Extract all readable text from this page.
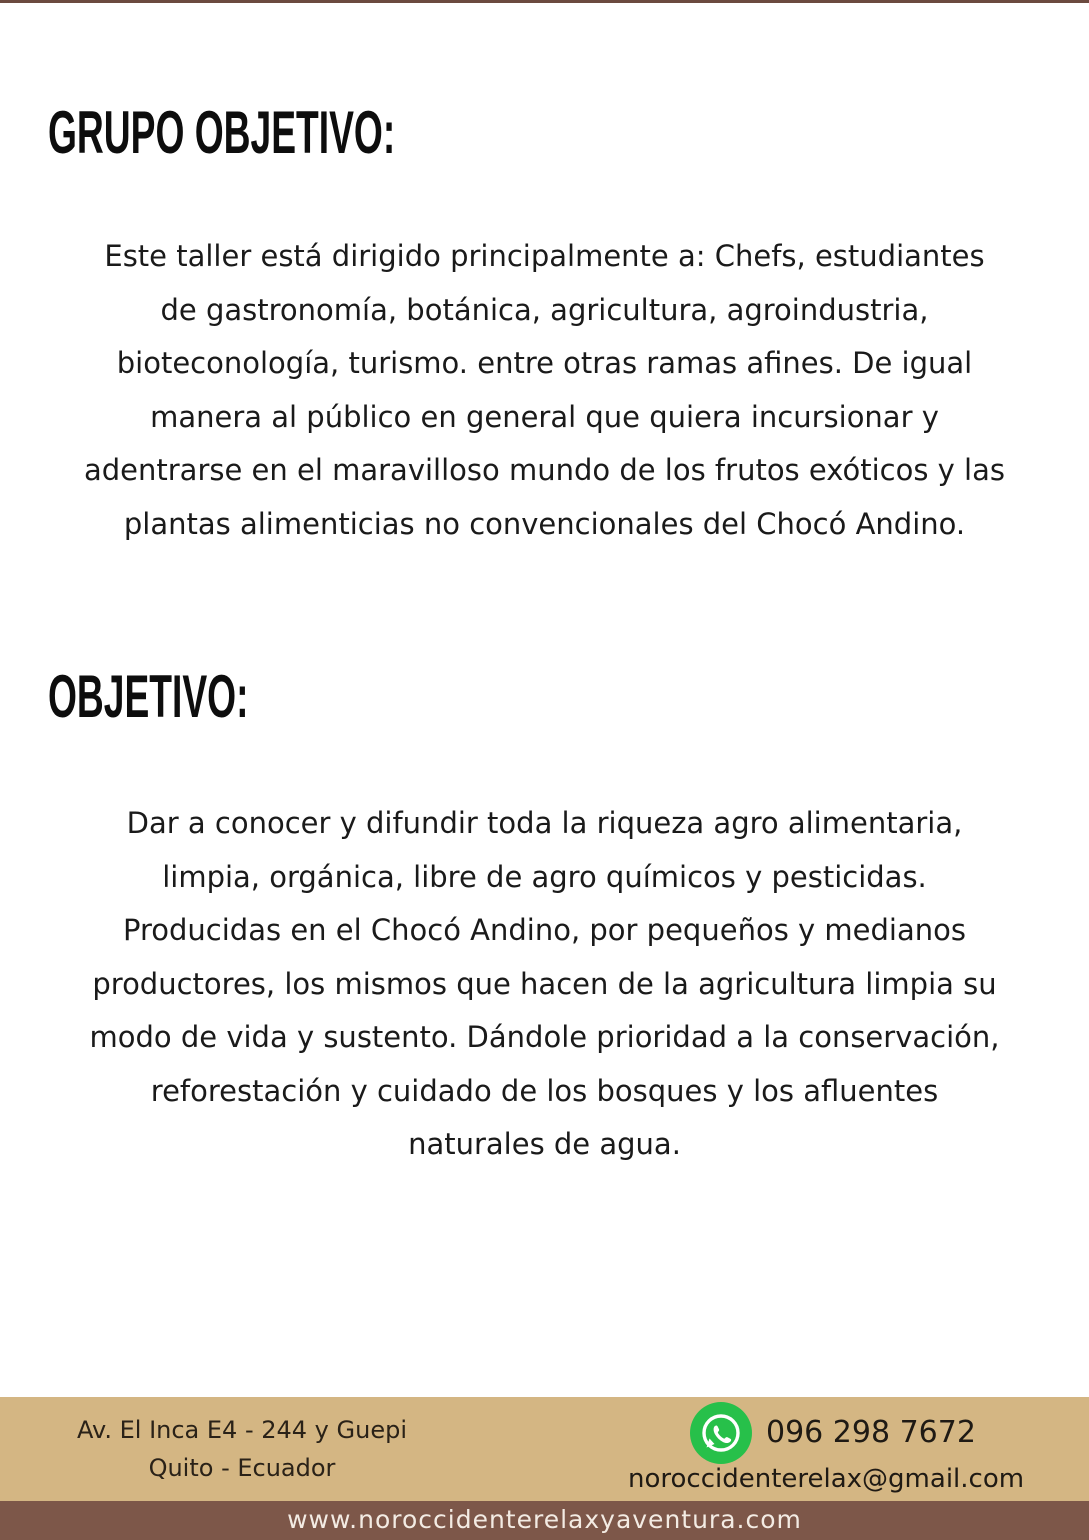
GRUPO OBJETIVO:

Este taller está dirigido principalmente a: Chefs, estudiantes
de gastronomía, botánica, agricultura, agroindustria,
bioteconología, turismo. entre otras ramas afines. De igual
manera al público en general que quiera incursionar y
adentrarse en el maravilloso mundo de los frutos exóticos y las
plantas alimenticias no convencionales del Chocó Andino.

OBJETIVO:

Dar a conocer y difundir toda la riqueza agro alimentaria,
limpia, orgánica, libre de agro químicos y pesticidas.
Producidas en el Chocó Andino, por pequeños y medianos
productores, los mismos que hacen de la agricultura limpia su
modo de vida y sustento. Dándole prioridad a la conservación,
reforestación y cuidado de los bosques y los afluentes
naturales de agua.

Av. El Inca E4 - 244 y Guepi
Quito - Ecuador
096 298 7672
noroccidenterelax@gmail.com
www.noroccidenterelaxyaventura.com
